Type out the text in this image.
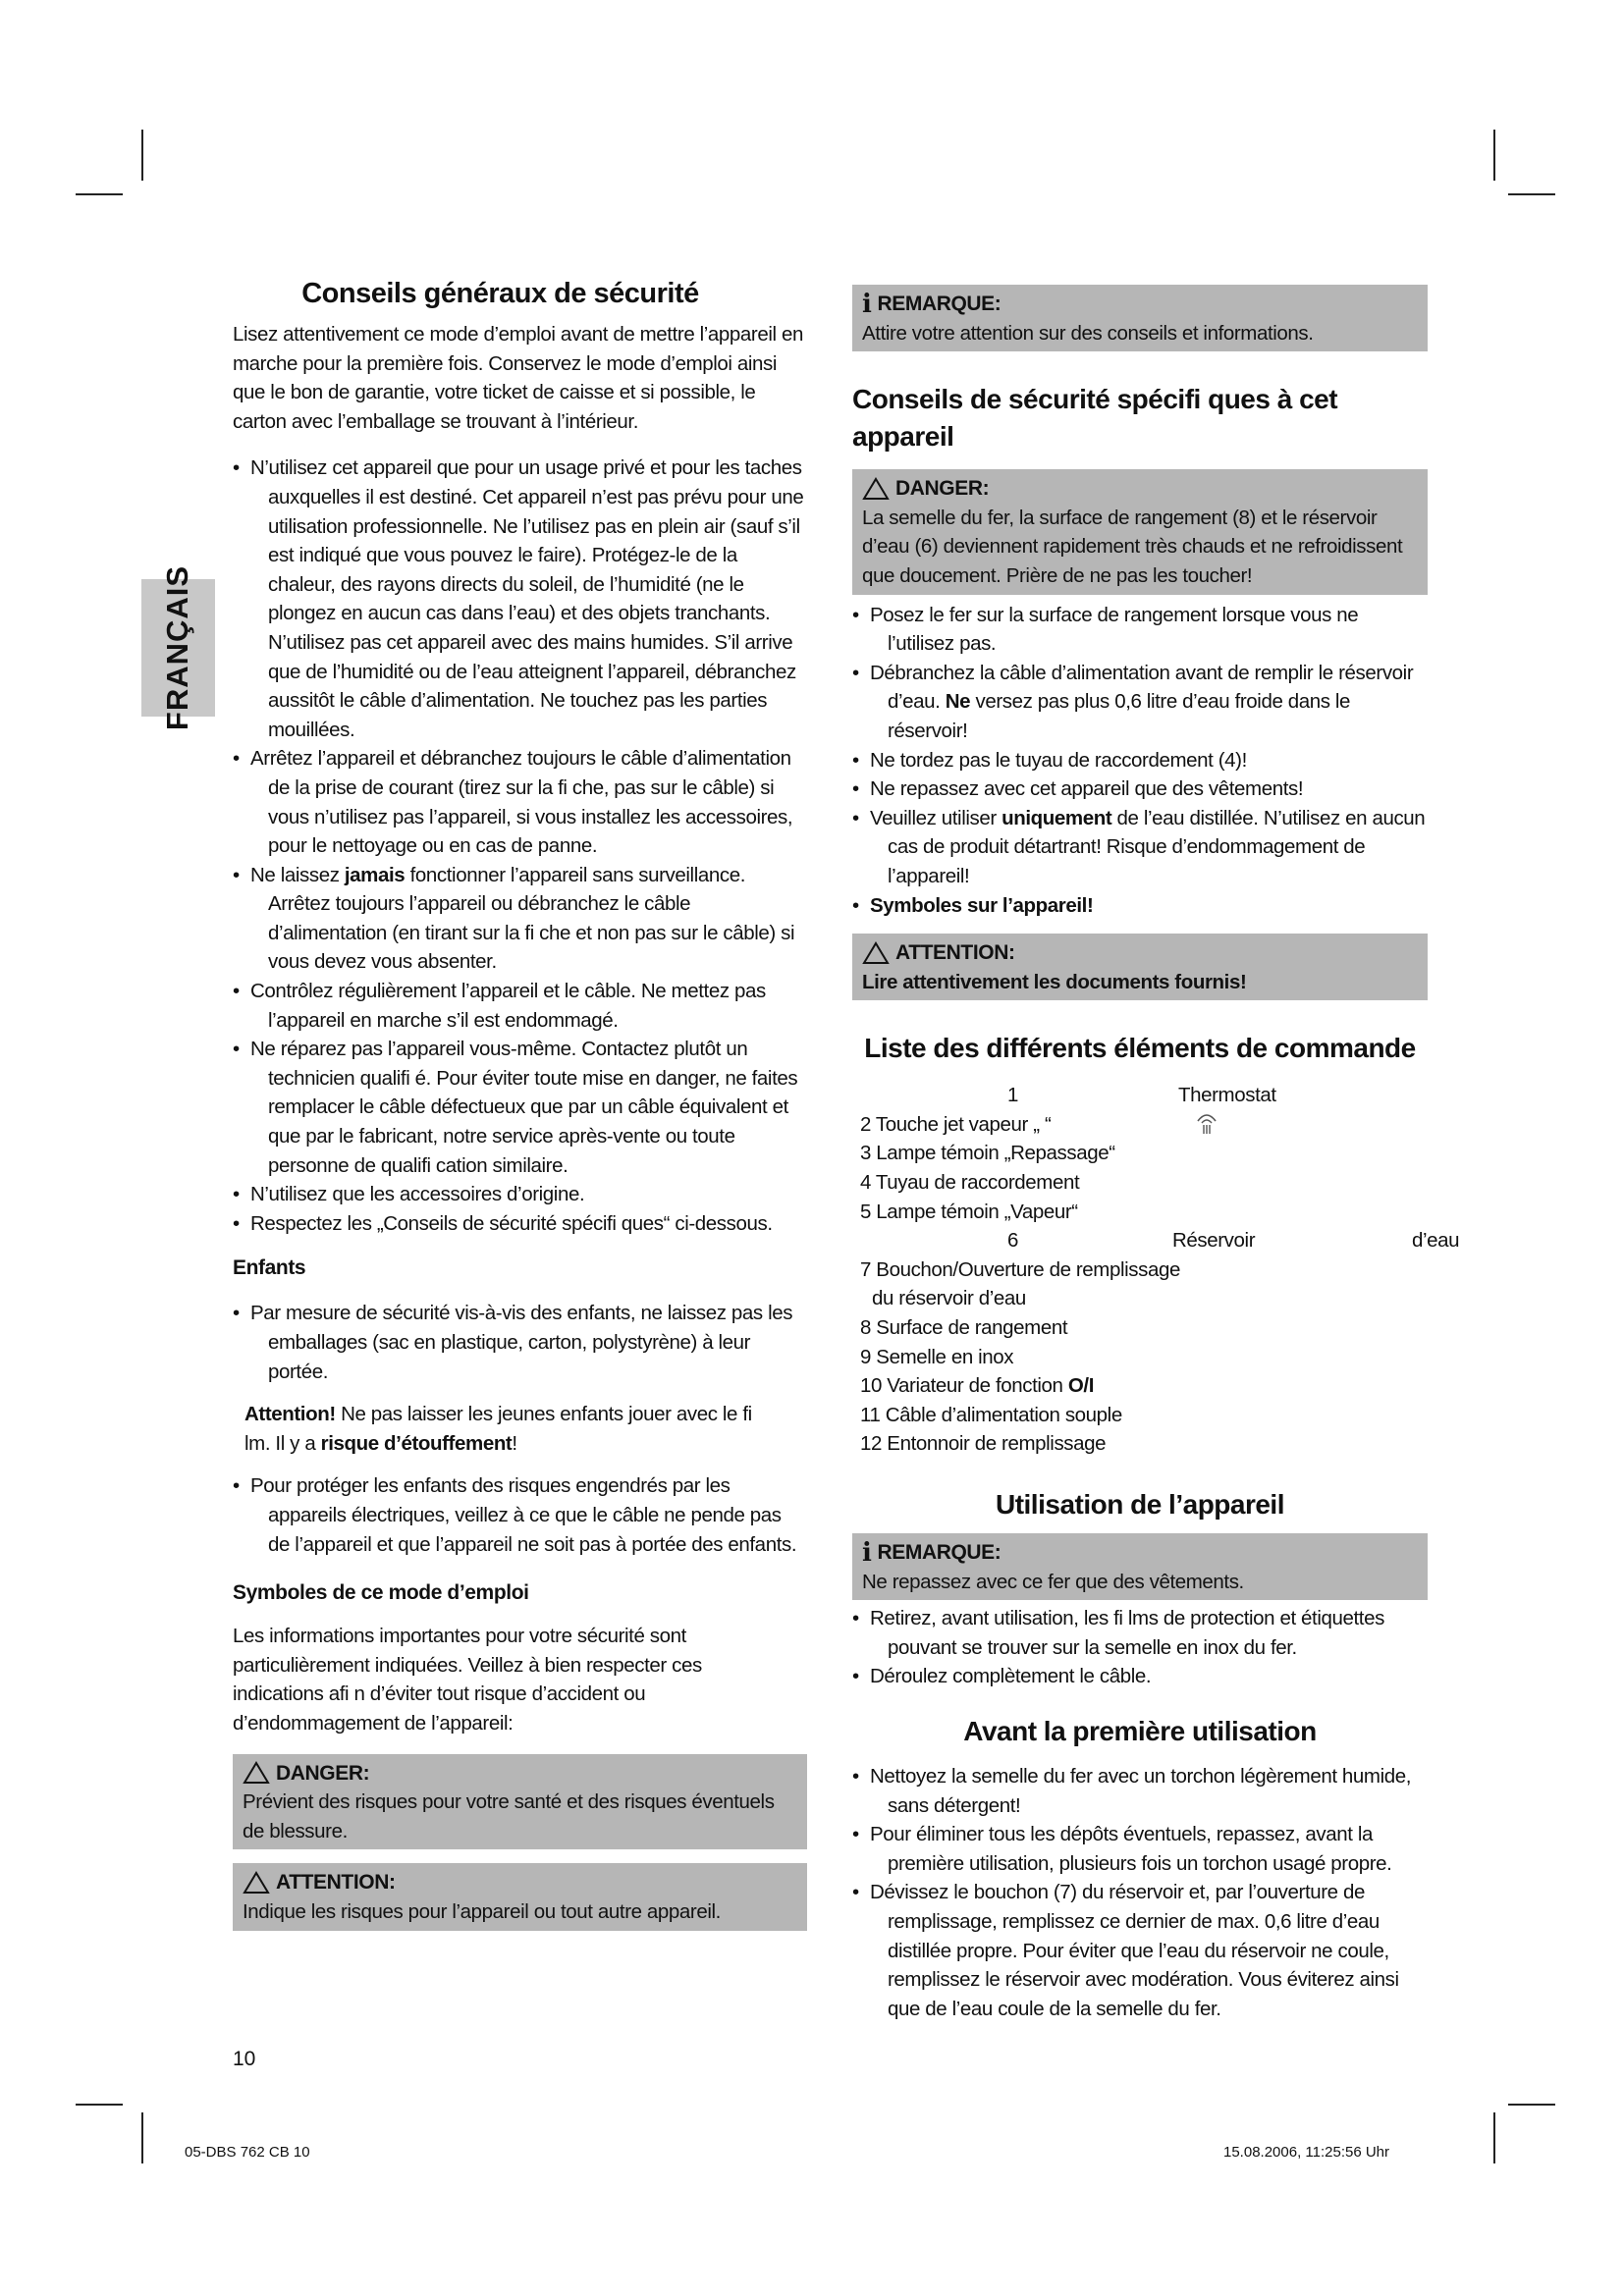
FRANÇAIS
Conseils généraux de sécurité

Lisez attentivement ce mode d’emploi avant de mettre l’appareil en marche pour la première fois. Conservez le mode d’emploi ainsi que le bon de garantie, votre ticket de caisse et si possible, le carton avec l’emballage se trouvant à l’intérieur.

• N’utilisez cet appareil que pour un usage privé et pour les taches auxquelles il est destiné. Cet appareil n’est pas prévu pour une utilisation professionnelle. Ne l’utilisez pas en plein air (sauf s’il est indiqué que vous pouvez le faire). Protégez-le de la chaleur, des rayons directs du soleil, de l’humidité (ne le plongez en aucun cas dans l’eau) et des objets tranchants. N’utilisez pas cet appareil avec des mains humides. S’il arrive que de l’humidité ou de l’eau atteignent l’appareil, débranchez aussitôt le câble d’alimentation. Ne touchez pas les parties mouillées.
• Arrêtez l’appareil et débranchez toujours le câble d’alimentation de la prise de courant (tirez sur la fi che, pas sur le câble) si vous n’utilisez pas l’appareil, si vous installez les accessoires, pour le nettoyage ou en cas de panne.
• Ne laissez jamais fonctionner l’appareil sans surveillance. Arrêtez toujours l’appareil ou débranchez le câble d’alimentation (en tirant sur la fi che et non pas sur le câble) si vous devez vous absenter.
• Contrôlez régulièrement l’appareil et le câble. Ne mettez pas l’appareil en marche s’il est endommagé.
• Ne réparez pas l’appareil vous-même. Contactez plutôt un technicien qualifi é. Pour éviter toute mise en danger, ne faites remplacer le câble défectueux que par un câble équivalent et que par le fabricant, notre service après-vente ou toute personne de qualifi cation similaire.
• N’utilisez que les accessoires d’origine.
• Respectez les „Conseils de sécurité spécifi ques“ ci-dessous.
Enfants
• Par mesure de sécurité vis-à-vis des enfants, ne laissez pas les emballages (sac en plastique, carton, polystyrène) à leur portée.

Attention! Ne pas laisser les jeunes enfants jouer avec le fi lm. Il y a risque d’étouffement!

• Pour protéger les enfants des risques engendrés par les appareils électriques, veillez à ce que le câble ne pende pas de l’appareil et que l’appareil ne soit pas à portée des enfants.
Symboles de ce mode d’emploi

Les informations importantes pour votre sécurité sont particulièrement indiquées. Veillez à bien respecter ces indications afi n d’éviter tout risque d’accident ou d’endommagement de l’appareil:

DANGER:

Prévient des risques pour votre santé et des risques éventuels de blessure.

ATTENTION:

Indique les risques pour l’appareil ou tout autre appareil.

10
i REMARQUE:

Attire votre attention sur des conseils et informations.

Conseils de sécurité spécifi ques à cet appareil
DANGER:

La semelle du fer, la surface de rangement (8) et le réservoir d’eau (6) deviennent rapidement très chauds et ne refroidissent que doucement. Prière de ne pas les toucher!

• Posez le fer sur la surface de rangement lorsque vous ne l’utilisez pas.
• Débranchez la câble d’alimentation avant de remplir le réservoir d’eau. Ne versez pas plus 0,6 litre d’eau froide dans le réservoir!
• Ne tordez pas le tuyau de raccordement (4)!
• Ne repassez avec cet appareil que des vêtements!
• Veuillez utiliser uniquement de l’eau distillée. N’utilisez en aucun cas de produit détartrant! Risque d’endommagement de l’appareil!
• Symboles sur l’appareil!
ATTENTION:

Lire attentivement les documents fournis!

Liste des différents éléments de commande
1	Thermostat
2 Touche jet vapeur „ “
3 Lampe témoin „Repassage“
4 Tuyau de raccordement
5 Lampe témoin „Vapeur“
6	Réservoir	d’eau
7 Bouchon/Ouverture de remplissage
du réservoir d’eau
8 Surface de rangement
9 Semelle en inox
10 Variateur de fonction O/I
11 Câble d’alimentation souple
12 Entonnoir de remplissage
Utilisation de l’appareil
i REMARQUE:

Ne repassez avec ce fer que des vêtements.

• Retirez, avant utilisation, les fi lms de protection et étiquettes pouvant se trouver sur la semelle en inox du fer.
• Déroulez complètement le câble.
Avant la première utilisation
• Nettoyez la semelle du fer avec un torchon légèrement humide, sans détergent!
• Pour éliminer tous les dépôts éventuels, repassez, avant la première utilisation, plusieurs fois un torchon usagé propre.
• Dévissez le bouchon (7) du réservoir et, par l’ouverture de remplissage, remplissez ce dernier de max. 0,6 litre d’eau distillée propre. Pour éviter que l’eau du réservoir ne coule, remplissez le réservoir avec modération. Vous éviterez ainsi que de l’eau coule de la semelle du fer.
05-DBS 762 CB 10	15.08.2006, 11:25:56 Uhr
